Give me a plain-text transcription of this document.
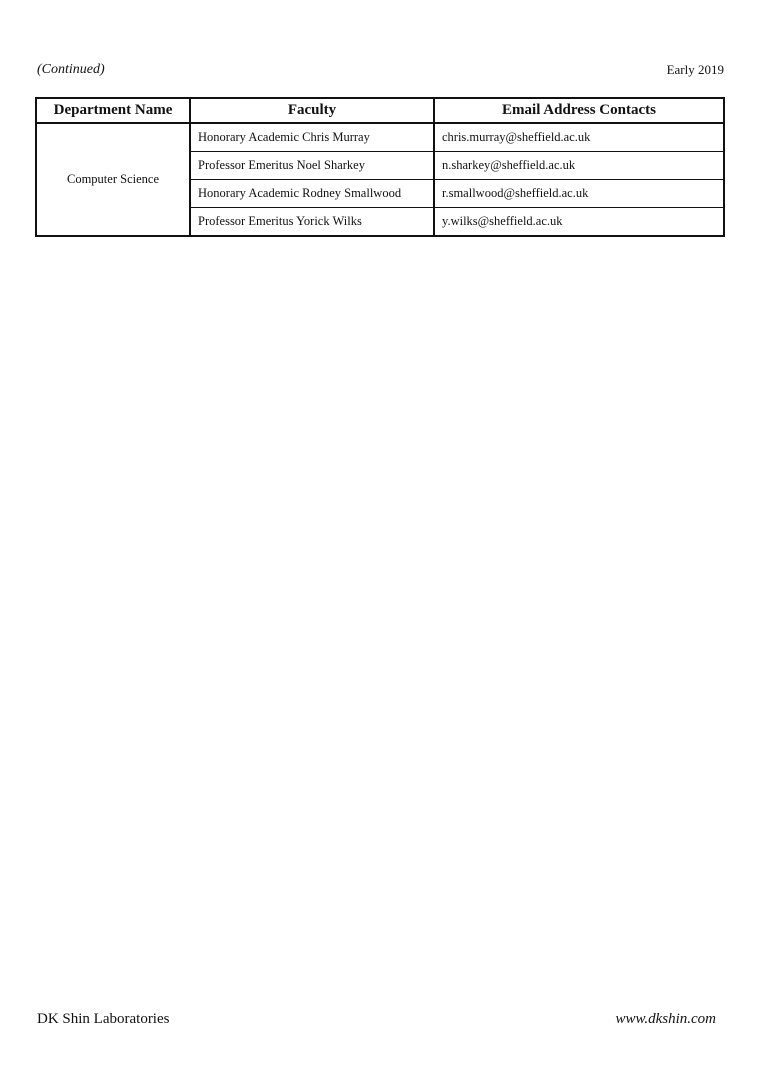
(Continued)	Early 2019
Department Name	Faculty	Email Address Contacts
Computer Science	Honorary Academic Chris Murray	chris.murray@sheffield.ac.uk
	Professor Emeritus Noel Sharkey	n.sharkey@sheffield.ac.uk
	Honorary Academic Rodney Smallwood	r.smallwood@sheffield.ac.uk
	Professor Emeritus Yorick Wilks	y.wilks@sheffield.ac.uk
DK Shin Laboratories	www.dkshin.com
